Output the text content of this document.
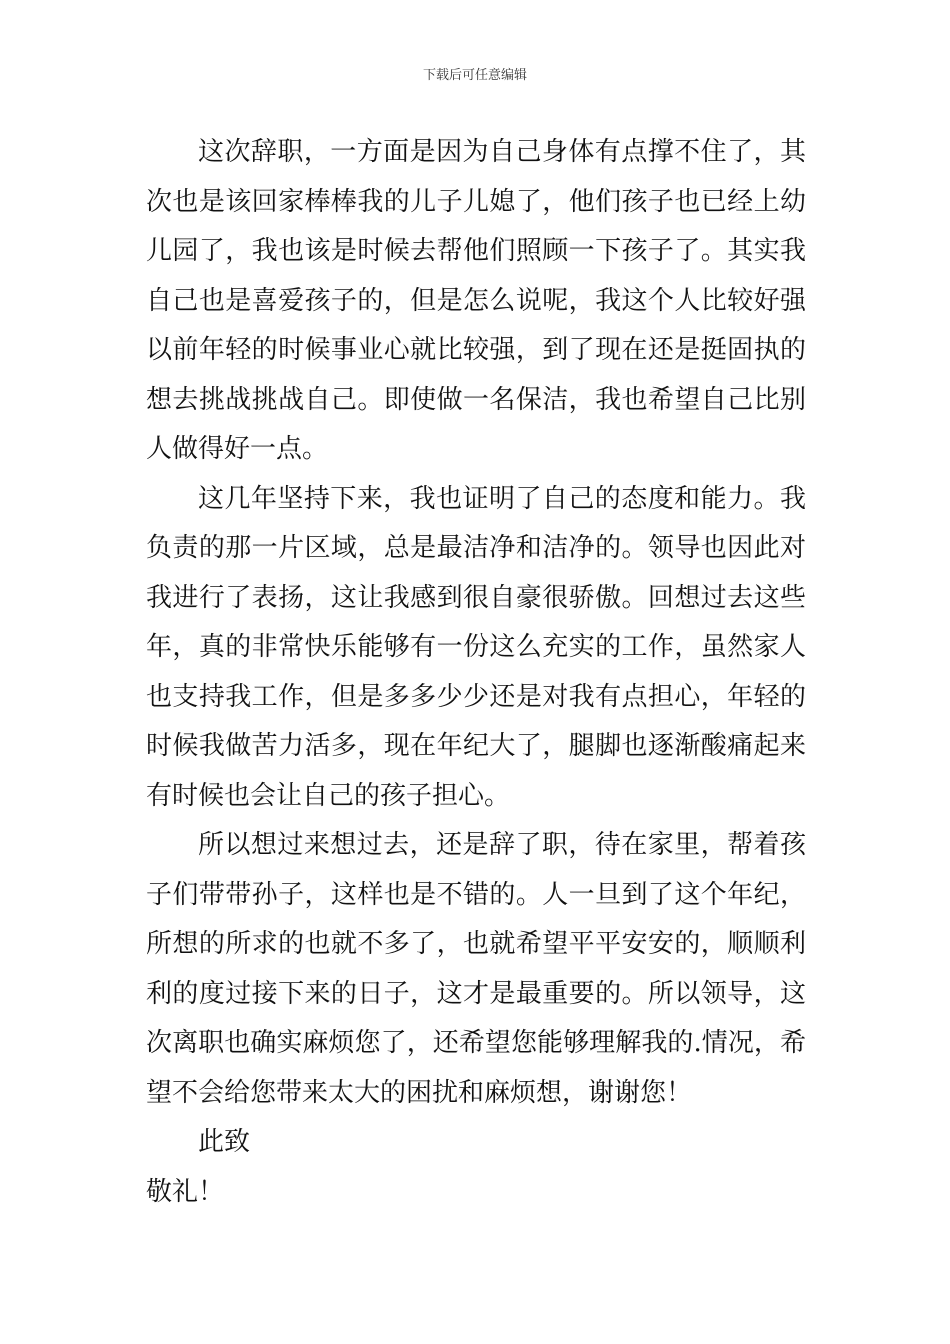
下载后可任意编辑

这次辞职，一方面是因为自己身体有点撑不住了，其次也是该回家棒棒我的儿子儿媳了，他们孩子也已经上幼儿园了，我也该是时候去帮他们照顾一下孩子了。其实我自己也是喜爱孩子的，但是怎么说呢，我这个人比较好强以前年轻的时候事业心就比较强，到了现在还是挺固执的想去挑战挑战自己。即使做一名保洁，我也希望自己比别人做得好一点。

这几年坚持下来，我也证明了自己的态度和能力。我负责的那一片区域，总是最洁净和洁净的。领导也因此对我进行了表扬，这让我感到很自豪很骄傲。回想过去这些年，真的非常快乐能够有一份这么充实的工作，虽然家人也支持我工作，但是多多少少还是对我有点担心，年轻的时候我做苦力活多，现在年纪大了，腿脚也逐渐酸痛起来有时候也会让自己的孩子担心。

所以想过来想过去，还是辞了职，待在家里，帮着孩子们带带孙子，这样也是不错的。人一旦到了这个年纪，所想的所求的也就不多了，也就希望平平安安的，顺顺利利的度过接下来的日子，这才是最重要的。所以领导，这次离职也确实麻烦您了，还希望您能够理解我的.情况，希望不会给您带来太大的困扰和麻烦想，谢谢您！

此致

敬礼！
